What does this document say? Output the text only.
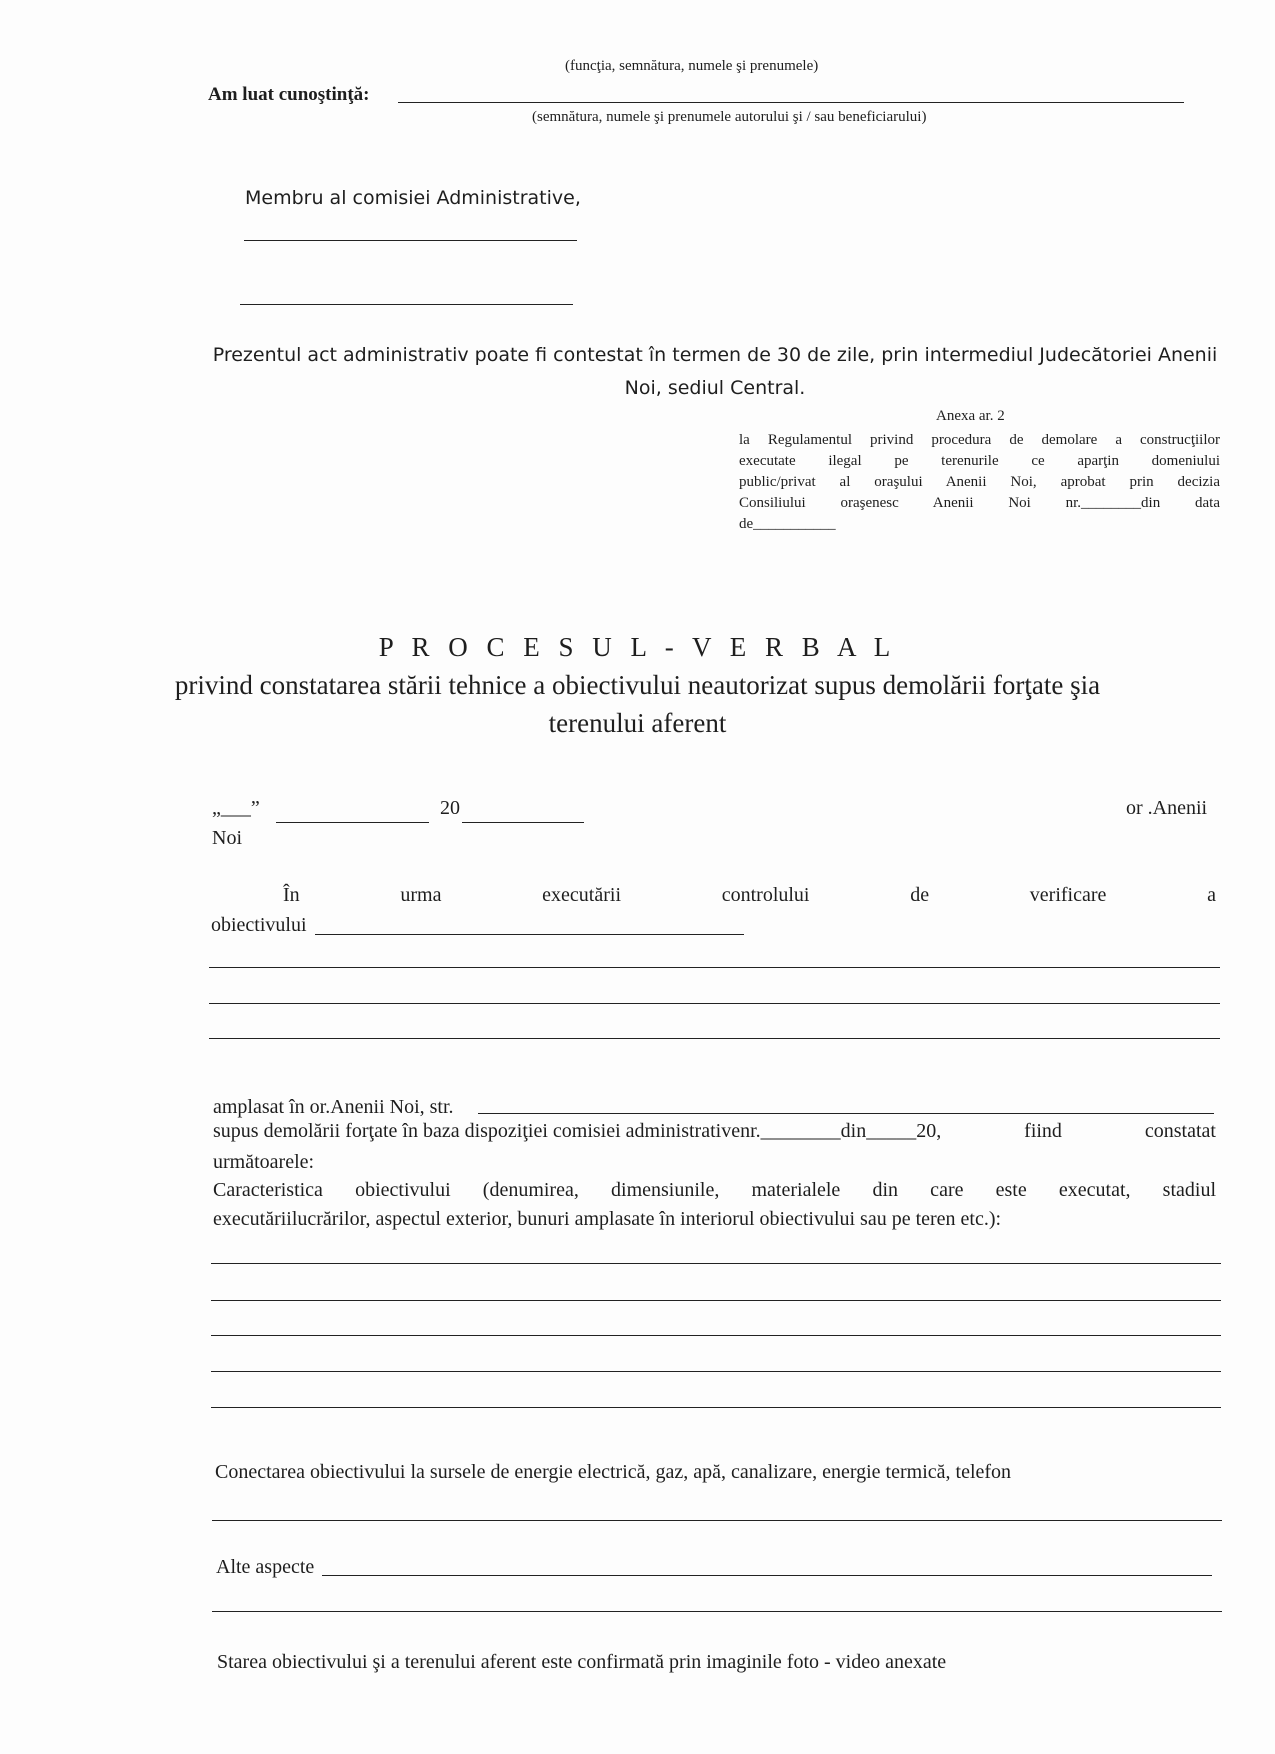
(funcţia, semnătura, numele şi prenumele)
Am luat cunoştinţă:
(semnătura, numele şi prenumele autorului şi / sau beneficiarului)
Membru al comisiei Administrative,
Prezentul act administrativ poate fi contestat în termen de 30 de zile, prin intermediul Judecătoriei Anenii
Noi, sediul Central.
Anexa ar. 2
la Regulamentul privind procedura de demolare a construcţiilor
executate ilegal pe terenurile ce aparţin domeniului
public/privat al oraşului Anenii Noi, aprobat prin decizia
Consiliului oraşenesc Anenii Noi nr.________din data
de___________
P R O C E S U L - V E R B A L
privind constatarea stării tehnice a obiectivului neautorizat supus demolării forţate şia
terenului aferent
„___”	20	or .Anenii
Noi
În	urma	executării	controlului	de	verificare	a
obiectivului
amplasat în or.Anenii Noi, str.
supus demolării forţate în baza dispoziţiei comisiei administrativenr.________din_____20,	fiind	constatat
următoarele:
Caracteristica obiectivului (denumirea, dimensiunile, materialele din care este executat, stadiul
executăriilucrărilor, aspectul exterior, bunuri amplasate în interiorul obiectivului sau pe teren etc.):
Conectarea obiectivului la sursele de energie electrică, gaz, apă, canalizare, energie termică, telefon
Alte aspecte
Starea obiectivului şi a terenului aferent este confirmată prin imaginile foto - video anexate
